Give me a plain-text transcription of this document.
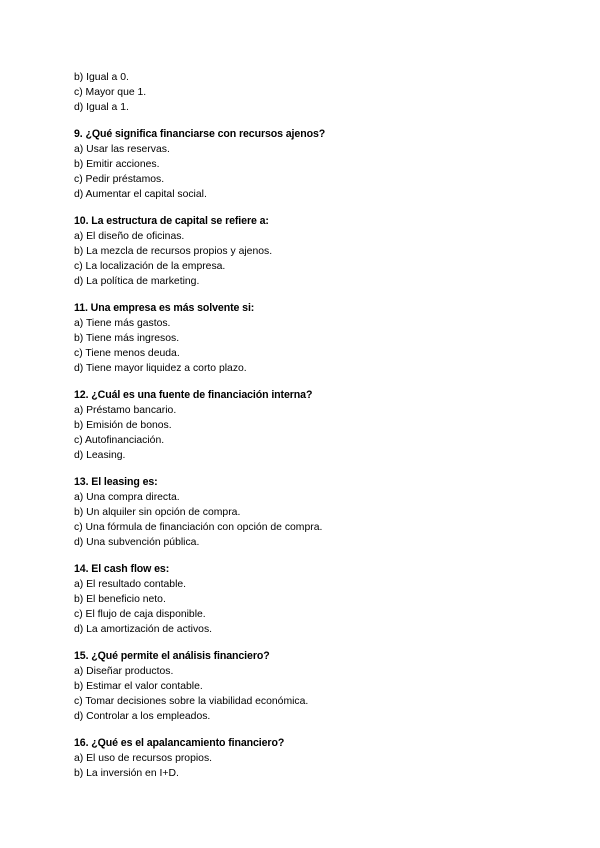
b) Igual a 0.
c) Mayor que 1.
d) Igual a 1.
9. ¿Qué significa financiarse con recursos ajenos?
a) Usar las reservas.
b) Emitir acciones.
c) Pedir préstamos.
d) Aumentar el capital social.
10. La estructura de capital se refiere a:
a) El diseño de oficinas.
b) La mezcla de recursos propios y ajenos.
c) La localización de la empresa.
d) La política de marketing.
11. Una empresa es más solvente si:
a) Tiene más gastos.
b) Tiene más ingresos.
c) Tiene menos deuda.
d) Tiene mayor liquidez a corto plazo.
12. ¿Cuál es una fuente de financiación interna?
a) Préstamo bancario.
b) Emisión de bonos.
c) Autofinanciación.
d) Leasing.
13. El leasing es:
a) Una compra directa.
b) Un alquiler sin opción de compra.
c) Una fórmula de financiación con opción de compra.
d) Una subvención pública.
14. El cash flow es:
a) El resultado contable.
b) El beneficio neto.
c) El flujo de caja disponible.
d) La amortización de activos.
15. ¿Qué permite el análisis financiero?
a) Diseñar productos.
b) Estimar el valor contable.
c) Tomar decisiones sobre la viabilidad económica.
d) Controlar a los empleados.
16. ¿Qué es el apalancamiento financiero?
a) El uso de recursos propios.
b) La inversión en I+D.
